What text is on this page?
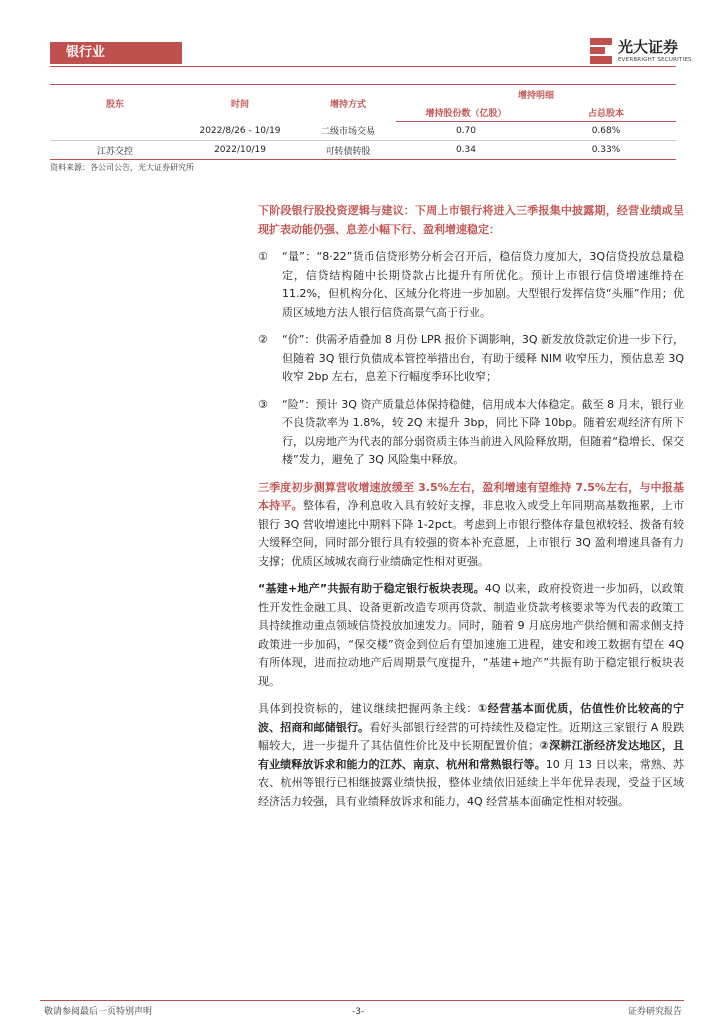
银行业	光大证券
EVERBRIGHT SECURITIES
股东	时间	增持方式	增持明细	
			增持股份数（亿股）	占总股本
	2022/8/26 - 10/19	二级市场交易	0.70	0.68%
江苏交控	2022/10/19	可转债转股	0.34	0.33%
资料来源：各公司公告，光大证券研究所

下阶段银行股投资逻辑与建议：下周上市银行将进入三季报集中披露期，经营业绩或呈现扩表动能仍强、息差小幅下行、盈利增速稳定：

①	“量”：“8·22”货币信贷形势分析会召开后，稳信贷力度加大，3Q信贷投放总量稳定，信贷结构随中长期贷款占比提升有所优化。预计上市银行信贷增速维持在 11.2%，但机构分化、区域分化将进一步加剧。大型银行发挥信贷“头雁”作用；优质区域地方法人银行信贷高景气高于行业。
②	“价”：供需矛盾叠加 8 月份 LPR 报价下调影响，3Q 新发放贷款定价进一步下行，但随着 3Q 银行负债成本管控举措出台，有助于缓释 NIM 收窄压力，预估息差 3Q 收窄 2bp 左右，息差下行幅度季环比收窄；
③	“险”：预计 3Q 资产质量总体保持稳健，信用成本大体稳定。截至 8 月末，银行业不良贷款率为 1.8%，较 2Q 末提升 3bp，同比下降 10bp。随着宏观经济有所下行，以房地产为代表的部分弱资质主体当前进入风险释放期，但随着“稳增长、保交楼”发力，避免了 3Q 风险集中释放。

三季度初步测算营收增速放缓至 3.5%左右，盈利增速有望维持 7.5%左右，与中报基本持平。整体看，净利息收入具有较好支撑，非息收入或受上年同期高基数拖累，上市银行 3Q 营收增速比中期料下降 1-2pct。考虑到上市银行整体存量包袱较轻、拨备有较大缓释空间，同时部分银行具有较强的资本补充意愿，上市银行 3Q 盈利增速具备有力支撑；优质区域城农商行业绩确定性相对更强。

“基建+地产”共振有助于稳定银行板块表现。4Q 以来，政府投资进一步加码，以政策性开发性金融工具、设备更新改造专项再贷款、制造业贷款考核要求等为代表的政策工具持续推动重点领域信贷投放加速发力。同时，随着 9 月底房地产供给侧和需求侧支持政策进一步加码，“保交楼”资金到位后有望加速施工进程，建安和竣工数据有望在 4Q 有所体现，进而拉动地产后周期景气度提升，“基建+地产”共振有助于稳定银行板块表现。

具体到投资标的，建议继续把握两条主线：①经营基本面优质，估值性价比较高的宁波、招商和邮储银行。看好头部银行经营的可持续性及稳定性。近期这三家银行 A 股跌幅较大，进一步提升了其估值性价比及中长期配置价值；②深耕江浙经济发达地区，且有业绩释放诉求和能力的江苏、南京、杭州和常熟银行等。10 月 13 日以来，常熟、苏农、杭州等银行已相继披露业绩快报，整体业绩依旧延续上半年优异表现，受益于区域经济活力较强，具有业绩释放诉求和能力，4Q 经营基本面确定性相对较强。

敬请参阅最后一页特别声明	-3-	证券研究报告
